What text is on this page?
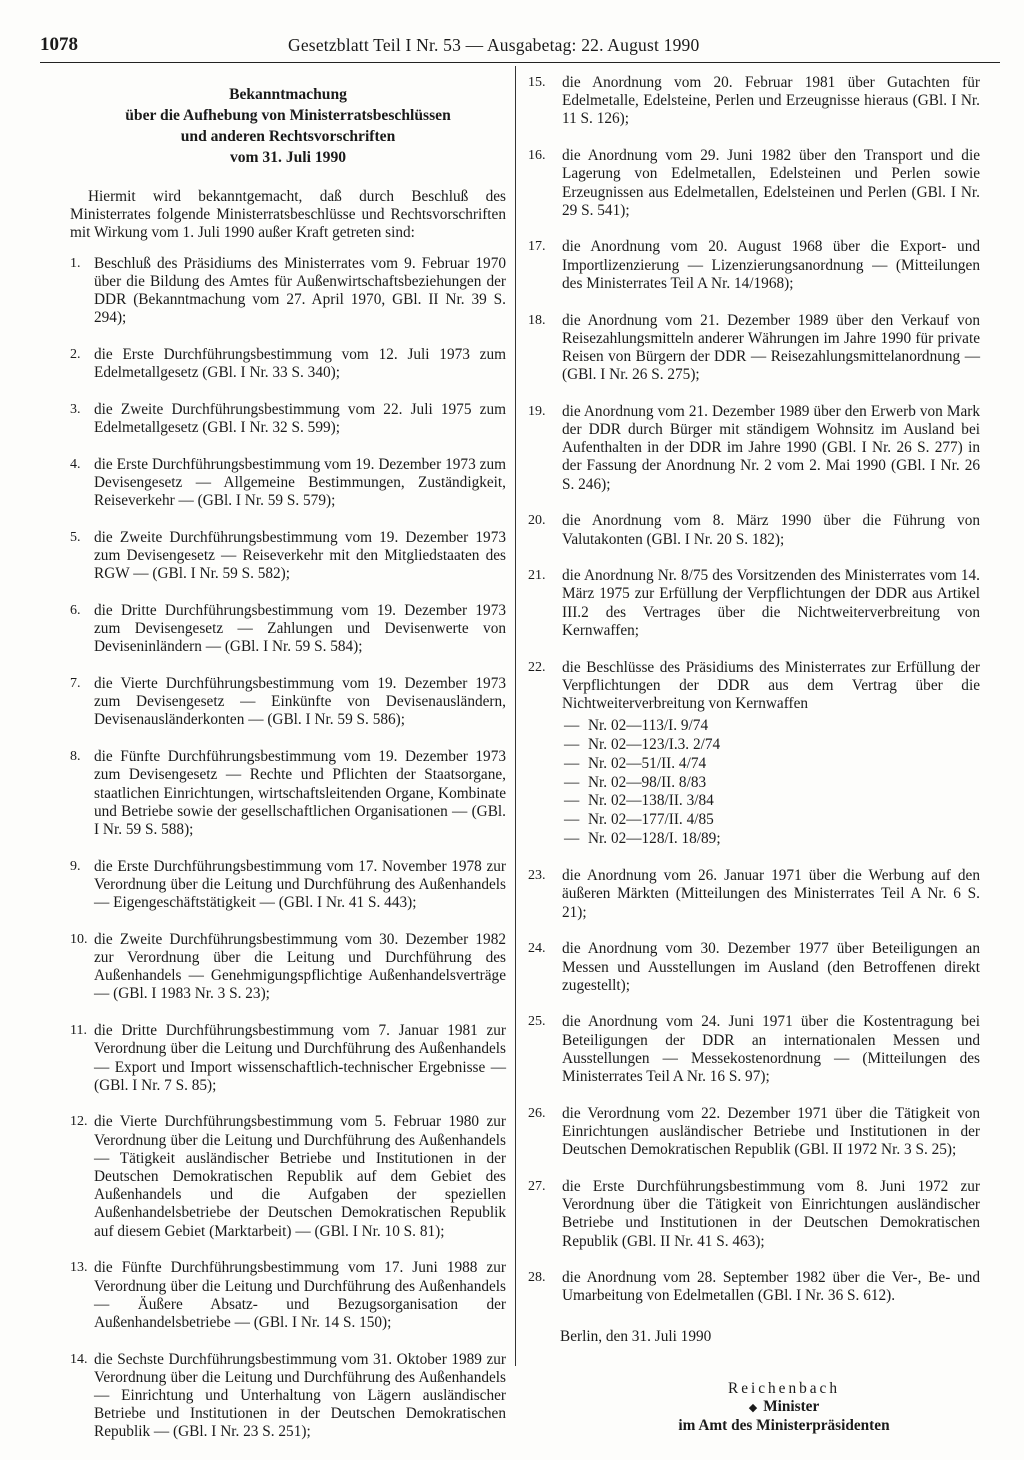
1078	Gesetzblatt Teil I Nr. 53 — Ausgabetag: 22. August 1990
Bekanntmachung
über die Aufhebung von Ministerratsbeschlüssen
und anderen Rechtsvorschriften
vom 31. Juli 1990

Hiermit wird bekanntgemacht, daß durch Beschluß des Ministerrates folgende Ministerratsbeschlüsse und Rechtsvorschriften mit Wirkung vom 1. Juli 1990 außer Kraft getreten sind:

1. Beschluß des Präsidiums des Ministerrates vom 9. Februar 1970 über die Bildung des Amtes für Außenwirtschaftsbeziehungen der DDR (Bekanntmachung vom 27. April 1970, GBl. II Nr. 39 S. 294);
2. die Erste Durchführungsbestimmung vom 12. Juli 1973 zum Edelmetallgesetz (GBl. I Nr. 33 S. 340);
3. die Zweite Durchführungsbestimmung vom 22. Juli 1975 zum Edelmetallgesetz (GBl. I Nr. 32 S. 599);
4. die Erste Durchführungsbestimmung vom 19. Dezember 1973 zum Devisengesetz — Allgemeine Bestimmungen, Zuständigkeit, Reiseverkehr — (GBl. I Nr. 59 S. 579);
5. die Zweite Durchführungsbestimmung vom 19. Dezember 1973 zum Devisengesetz — Reiseverkehr mit den Mitgliedstaaten des RGW — (GBl. I Nr. 59 S. 582);
6. die Dritte Durchführungsbestimmung vom 19. Dezember 1973 zum Devisengesetz — Zahlungen und Devisenwerte von Deviseninländern — (GBl. I Nr. 59 S. 584);
7. die Vierte Durchführungsbestimmung vom 19. Dezember 1973 zum Devisengesetz — Einkünfte von Devisenausländern, Devisenausländerkonten — (GBl. I Nr. 59 S. 586);
8. die Fünfte Durchführungsbestimmung vom 19. Dezember 1973 zum Devisengesetz — Rechte und Pflichten der Staatsorgane, staatlichen Einrichtungen, wirtschaftsleitenden Organe, Kombinate und Betriebe sowie der gesellschaftlichen Organisationen — (GBl. I Nr. 59 S. 588);
9. die Erste Durchführungsbestimmung vom 17. November 1978 zur Verordnung über die Leitung und Durchführung des Außenhandels — Eigengeschäftstätigkeit — (GBl. I Nr. 41 S. 443);
10. die Zweite Durchführungsbestimmung vom 30. Dezember 1982 zur Verordnung über die Leitung und Durchführung des Außenhandels — Genehmigungspflichtige Außenhandelsverträge — (GBl. I 1983 Nr. 3 S. 23);
11. die Dritte Durchführungsbestimmung vom 7. Januar 1981 zur Verordnung über die Leitung und Durchführung des Außenhandels — Export und Import wissenschaftlich-technischer Ergebnisse — (GBl. I Nr. 7 S. 85);
12. die Vierte Durchführungsbestimmung vom 5. Februar 1980 zur Verordnung über die Leitung und Durchführung des Außenhandels — Tätigkeit ausländischer Betriebe und Institutionen in der Deutschen Demokratischen Republik auf dem Gebiet des Außenhandels und die Aufgaben der speziellen Außenhandelsbetriebe der Deutschen Demokratischen Republik auf diesem Gebiet (Marktarbeit) — (GBl. I Nr. 10 S. 81);
13. die Fünfte Durchführungsbestimmung vom 17. Juni 1988 zur Verordnung über die Leitung und Durchführung des Außenhandels — Äußere Absatz- und Bezugsorganisation der Außenhandelsbetriebe — (GBl. I Nr. 14 S. 150);
14. die Sechste Durchführungsbestimmung vom 31. Oktober 1989 zur Verordnung über die Leitung und Durchführung des Außenhandels — Einrichtung und Unterhaltung von Lägern ausländischer Betriebe und Institutionen in der Deutschen Demokratischen Republik — (GBl. I Nr. 23 S. 251);
15. die Anordnung vom 20. Februar 1981 über Gutachten für Edelmetalle, Edelsteine, Perlen und Erzeugnisse hieraus (GBl. I Nr. 11 S. 126);
16. die Anordnung vom 29. Juni 1982 über den Transport und die Lagerung von Edelmetallen, Edelsteinen und Perlen sowie Erzeugnissen aus Edelmetallen, Edelsteinen und Perlen (GBl. I Nr. 29 S. 541);
17. die Anordnung vom 20. August 1968 über die Export- und Importlizenzierung — Lizenzierungsanordnung — (Mitteilungen des Ministerrates Teil A Nr. 14/1968);
18. die Anordnung vom 21. Dezember 1989 über den Verkauf von Reisezahlungsmitteln anderer Währungen im Jahre 1990 für private Reisen von Bürgern der DDR — Reisezahlungsmittelanordnung — (GBl. I Nr. 26 S. 275);
19. die Anordnung vom 21. Dezember 1989 über den Erwerb von Mark der DDR durch Bürger mit ständigem Wohnsitz im Ausland bei Aufenthalten in der DDR im Jahre 1990 (GBl. I Nr. 26 S. 277) in der Fassung der Anordnung Nr. 2 vom 2. Mai 1990 (GBl. I Nr. 26 S. 246);
20. die Anordnung vom 8. März 1990 über die Führung von Valutakonten (GBl. I Nr. 20 S. 182);
21. die Anordnung Nr. 8/75 des Vorsitzenden des Ministerrates vom 14. März 1975 zur Erfüllung der Verpflichtungen der DDR aus Artikel III.2 des Vertrages über die Nichtweiterverbreitung von Kernwaffen;
22. die Beschlüsse des Präsidiums des Ministerrates zur Erfüllung der Verpflichtungen der DDR aus dem Vertrag über die Nichtweiterverbreitung von Kernwaffen
— Nr. 02—113/I. 9/74
— Nr. 02—123/I.3. 2/74
— Nr. 02—51/II. 4/74
— Nr. 02—98/II. 8/83
— Nr. 02—138/II. 3/84
— Nr. 02—177/II. 4/85
— Nr. 02—128/I. 18/89;
23. die Anordnung vom 26. Januar 1971 über die Werbung auf den äußeren Märkten (Mitteilungen des Ministerrates Teil A Nr. 6 S. 21);
24. die Anordnung vom 30. Dezember 1977 über Beteiligungen an Messen und Ausstellungen im Ausland (den Betroffenen direkt zugestellt);
25. die Anordnung vom 24. Juni 1971 über die Kostentragung bei Beteiligungen der DDR an internationalen Messen und Ausstellungen — Messekostenordnung — (Mitteilungen des Ministerrates Teil A Nr. 16 S. 97);
26. die Verordnung vom 22. Dezember 1971 über die Tätigkeit von Einrichtungen ausländischer Betriebe und Institutionen in der Deutschen Demokratischen Republik (GBl. II 1972 Nr. 3 S. 25);
27. die Erste Durchführungsbestimmung vom 8. Juni 1972 zur Verordnung über die Tätigkeit von Einrichtungen ausländischer Betriebe und Institutionen in der Deutschen Demokratischen Republik (GBl. II Nr. 41 S. 463);
28. die Anordnung vom 28. September 1982 über die Ver-, Be- und Umarbeitung von Edelmetallen (GBl. I Nr. 36 S. 612).
Berlin, den 31. Juli 1990
Reichenbach
◆ Minister
im Amt des Ministerpräsidenten
